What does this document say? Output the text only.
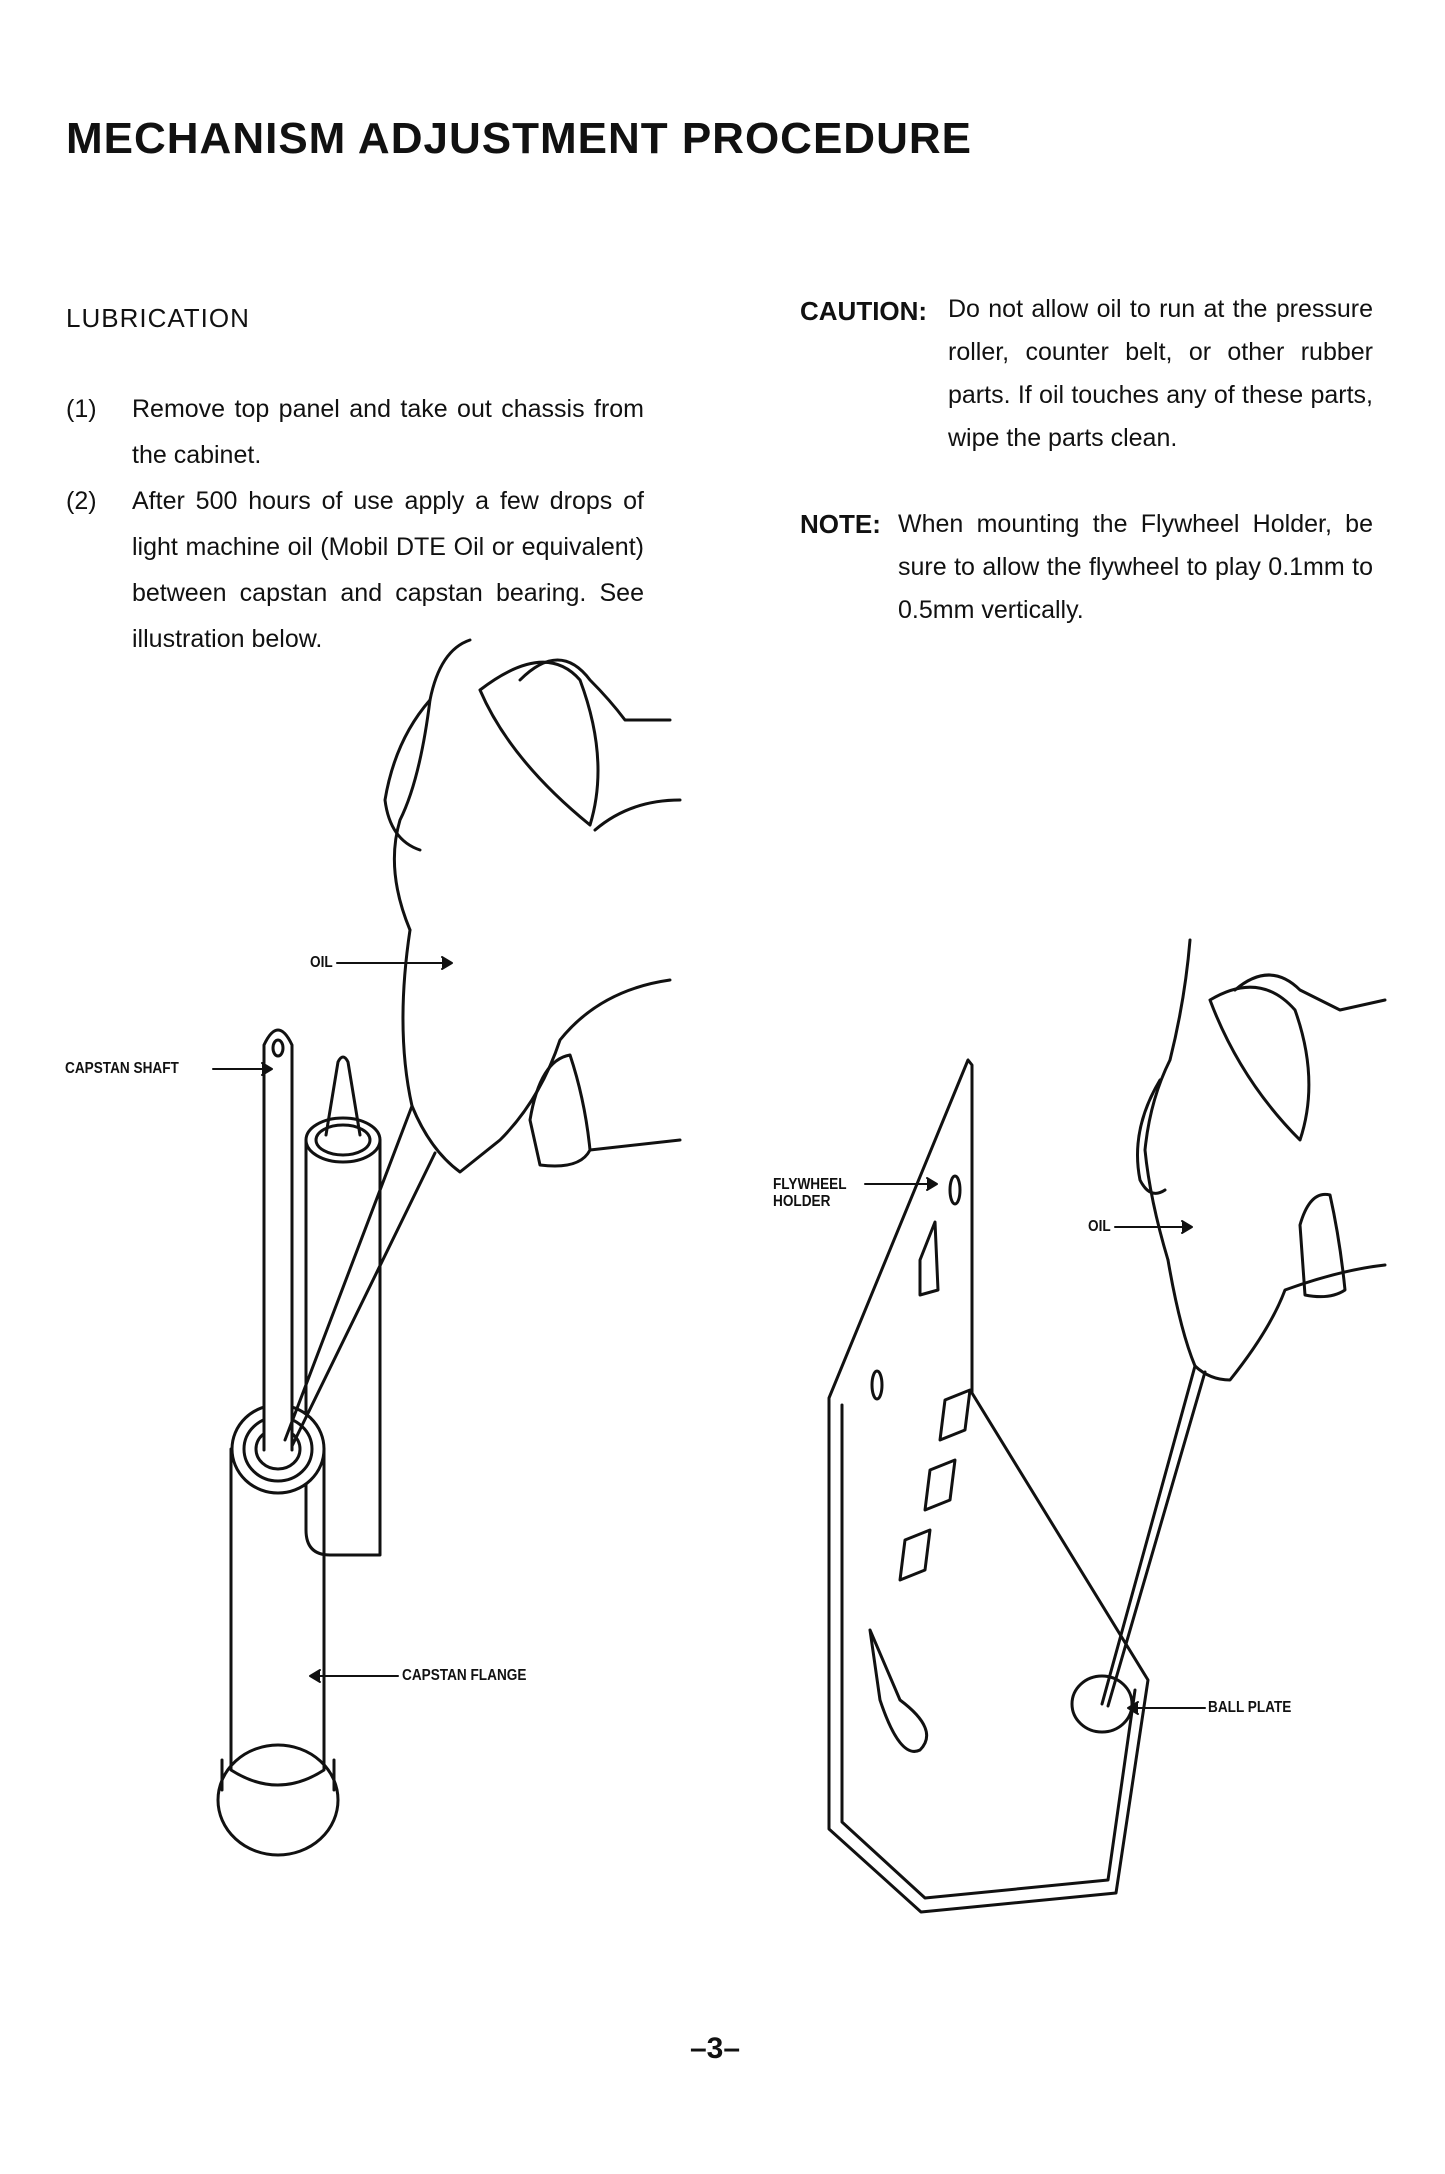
MECHANISM ADJUSTMENT PROCEDURE
LUBRICATION
(1) Remove top panel and take out chassis from the cabinet.
(2) After 500 hours of use apply a few drops of light machine oil (Mobil DTE Oil or equivalent) between capstan and capstan bearing. See illustration below.
CAUTION: Do not allow oil to run at the pressure roller, counter belt, or other rubber parts. If oil touches any of these parts, wipe the parts clean.
NOTE: When mounting the Flywheel Holder, be sure to allow the flywheel to play 0.1mm to 0.5mm vertically.
CAPSTAN SHAFT
OIL
CAPSTAN FLANGE
FLYWHEEL
HOLDER
OIL
BALL PLATE
–3–
